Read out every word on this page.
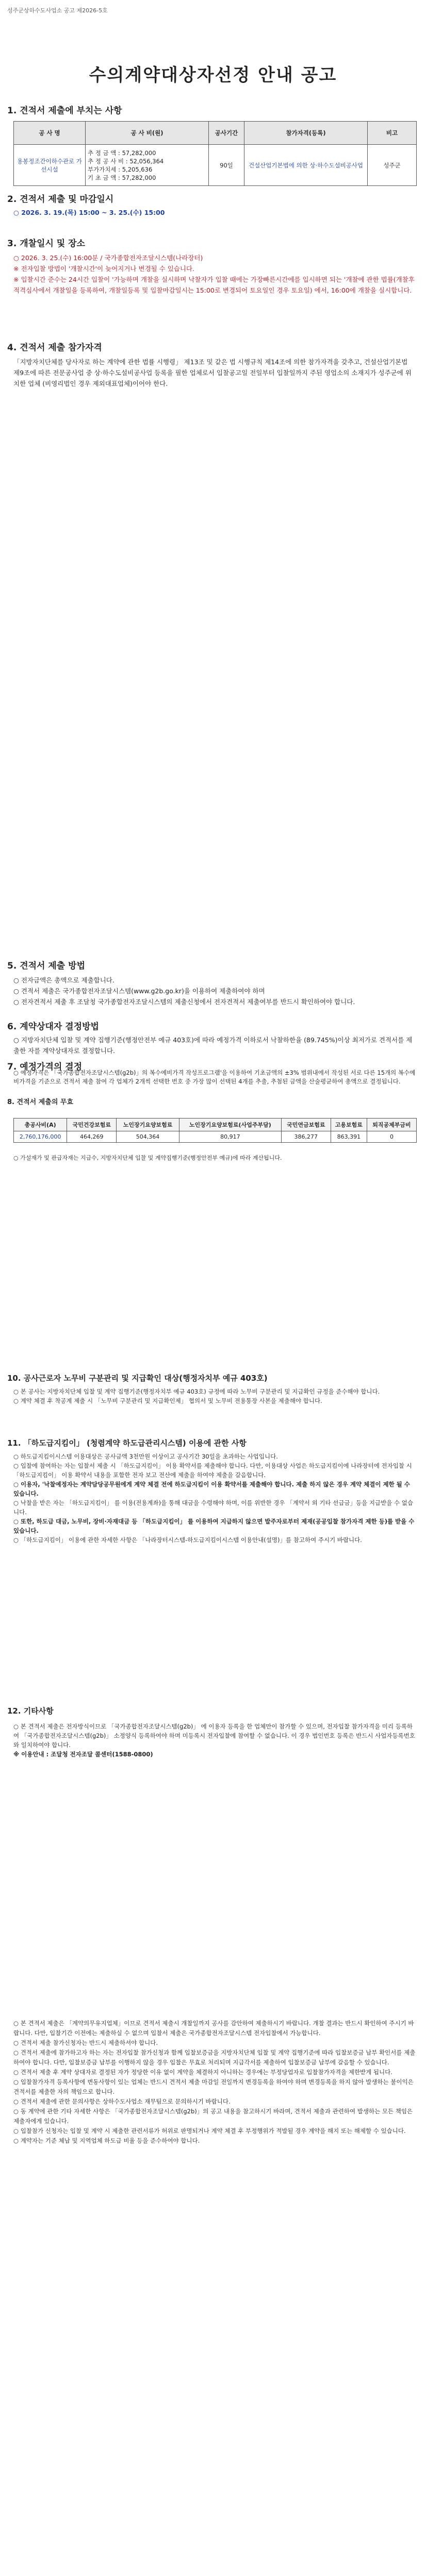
성주군상하수도사업소 공고 제2026-5호
수의계약대상자선정 안내 공고
1. 견적서 제출에 부치는 사항
공 사 명	공 사 비(원)	공사기간	참가자격(등록)	비고
용봉정조간이하수관로 가선시설	추 정 금 액 : 57,282,000
추 정 공 사 비 : 52,056,364
부가가치세 : 5,205,636
기 초 금 액 : 57,282,000	90일	건설산업기본법에 의한 상·하수도설비공사업	성주군
2. 견적서 제출 및 마감일시
○ 2026. 3. 19.(목) 15:00 ~ 3. 25.(수) 15:00
3. 개찰일시 및 장소

○ 2026. 3. 25.(수) 16:00분 / 국가종합전자조달시스템(나라장터)

※ 전자입찰 방법이 '개찰시간'이 늦어지거나 변경될 수 있습니다.

※ 입찰시간 준수는 24시간 입찰이 '가능하며 개찰을 실시하며 낙찰자가 입찰 때에는 가장빠른시간에를 입시하면 되는 '개찰에 관한 법률(개찰후 적격심사에서 개찰일을 등록하여, 개찰일등록 및 입찰마감일시는 15:00로 변경되어 토요일인 경우 토요일) 에서, 16:00에 개찰을 실시합니다.

4. 견적서 제출 참가자격

「지방자치단체를 당사자로 하는 계약에 관한 법률 시행령」 제13조 및 같은 법 시행규칙 제14조에 의한 참가자격을 갖추고, 건설산업기본법 제9조에 따른 전문공사업 중 상·하수도설비공사업 등록을 필한 업체로서 입찰공고일 전일부터 입찰일까지 주된 영업소의 소재지가 성주군에 위치한 업체 (비영리법인 경우 제외대표업체)이어야 한다.

5. 견적서 제출 방법

○ 전자금액은 총액으로 제출합니다.

○ 견적서 제출은 국가종합전자조달시스템(www.g2b.go.kr)을 이용하여 제출하여야 하며

○ 전자견적서 제출 후 조달청 국가종합전자조달시스템의 제출신청에서 전자견적서 제출여부를 반드시 확인하여야 합니다.

6. 계약상대자 결정방법

○ 지방자치단체 입찰 및 계약 집행기준(행정안전부 예규 403호)에 따라 예정가격 이하로서 낙찰하한율 (89.745%)이상 최저가로 견적서를 제출한 자를 계약상대자로 결정합니다.

7. 예정가격의 결정

○ 예정가격은 「국가종합전자조달시스템(g2b)」의 복수예비가격 작성프로그램'을 이용하여 기초금액의 ±3% 범위내에서 작성된 서로 다른 15개의 복수예비가격을 기준으로 견적서 제출 참여 각 업체가 2개씩 선택한 번호 중 가장 많이 선택된 4개를 추출, 추첨된 금액을 산술평균하여 총액으로 결정됩니다.

8. 견적서 제출의 무효
총공사비(A)	국민건강보험료	노인장기요양보험료	노인장기요양보험료(사업주부담)	국민연금보험료	고용보험료	퇴직공제부금비
2,760,176,000	464,269	504,364	80,917	386,277	863,391	0

○ 가설재가 및 관급자재는 지급수, 지방자치단체 입찰 및 계약집행기준(행정안전부 예규)에 따라 계산됩니다.

10. 공사근로자 노무비 구분관리 및 지급확인 대상(행정자치부 예규 403호)

○ 본 공사는 지방자치단체 입찰 및 계약 집행기준(행정자치부 예규 403호) 규정에 따라 노무비 구분관리 및 지급확인 규정을 준수해야 합니다.

○ 계약 체결 후 착공계 제출 시 「노무비 구분관리 및 지급확인제」 협의서 및 노무비 전용통장 사본을 제출해야 합니다.

11. 「하도급지킴이」 (청렴계약 하도급관리시스템) 이용에 관한 사항

○ 하도급지킴이시스템 이용대상은 공사금액 3천만원 이상이고 공사기간 30일을 초과하는 사업입니다.

○ 입찰에 참여하는 자는 입찰서 제출 시 「하도급지킴이」 이용 확약서를 제출해야 합니다. 다만, 이용대상 사업은 하도급지킴이에 나라장터에 전자입찰 시 「하도급지킴이」 이용 확약서 내용을 포함한 전자 보고 전산에 제출을 하여야 제출을 갈음합니다.

○ 이용자, '낙찰예정자는 계약담당공무원에게 계약 체결 전에 하도급지킴이 이용 확약서를 제출해야 합니다. 제출 하지 않은 경우 계약 체결이 제한 될 수 있습니다.

○ 낙찰을 받은 자는 「하도급지킴이」 를 이용(전용계좌)을 통해 대금을 수령해야 하며, 이를 위반한 경우 「계약서 외 기타 선급금」등을 지급받을 수 없습니다.

○ 또한, 하도급 대금, 노무비, 장비·자재대금 등 「하도급지킴이」 를 이용하여 지급하지 않으면 발주자로부터 제재(공공입찰 참가자격 제한 등)를 받을 수 있습니다.

○ 「하도급지킴이」 이용에 관한 자세한 사항은 「나라장터시스템-하도급지킴이시스템 이용안내(설명)」를 참고하여 주시기 바랍니다.

12. 기타사항

○ 본 견적서 제출은 전자방식이므로 「국가종합전자조달시스템(g2b)」 에 이용자 등록을 한 업체만이 참가할 수 있으며, 전자입찰 참가자격을 미리 등록하여 「국가종합전자조달시스템(g2b)」 소정양식 등록하여야 하며 미등록시 전자입찰에 참여할 수 없습니다. 이 경우 법인번호 등록은 반드시 사업자등록번호와 일치하여야 합니다.

※ 이용안내 : 조달청 전자조달 콜센터(1588-0800)

○ 본 견적서 제출은 「계약의무유지업체」이므로 견적서 제출시 개찰일까지 공사를 감안하여 제출하시기 바랍니다. 개찰 결과는 반드시 확인하여 주시기 바랍니다. 다만, 입찰기간 이전에는 제출하실 수 없으며 입찰서 제출은 국가종합전자조달시스템 전자입찰에서 가능합니다.

○ 견적서 제출 참가신청자는 반드시 제출하셔야 합니다.

○ 견적서 제출에 참가하고자 하는 자는 전자입찰 참가신청과 함께 입찰보증금을 지방자치단체 입찰 및 계약 집행기준에 따라 입찰보증금 납부 확인서를 제출하여야 합니다. 다만, 입찰보증금 납부를 이행하지 않을 경우 입찰은 무효로 처리되며 지급각서를 제출하여 입찰보증금 납부에 갈음할 수 있습니다.

○ 견적서 제출 후 계약 상대자로 결정된 자가 정당한 이유 없이 계약을 체결하지 아니하는 경우에는 부정당업자로 입찰참가자격을 제한받게 됩니다.

○ 입찰참가자격 등록사항에 변동사항이 있는 업체는 반드시 견적서 제출 마감일 전일까지 변경등록을 하여야 하며 변경등록을 하지 않아 발생하는 불이익은 견적서를 제출한 자의 책임으로 합니다.

○ 견적서 제출에 관한 문의사항은 상하수도사업소 재무팀으로 문의하시기 바랍니다.

○ 동 계약에 관한 기타 자세한 사항은 「국가종합전자조달시스템(g2b)」의 공고 내용을 참고하시기 바라며, 견적서 제출과 관련하여 발생하는 모든 책임은 제출자에게 있습니다.

○ 입찰참가 신청자는 입찰 및 계약 시 제출한 관련서류가 허위로 판명되거나 계약 체결 후 부정행위가 적발될 경우 계약을 해지 또는 해제할 수 있습니다.

○ 계약자는 기준 체납 및 지역업체 하도급 비율 등을 준수하여야 합니다.
